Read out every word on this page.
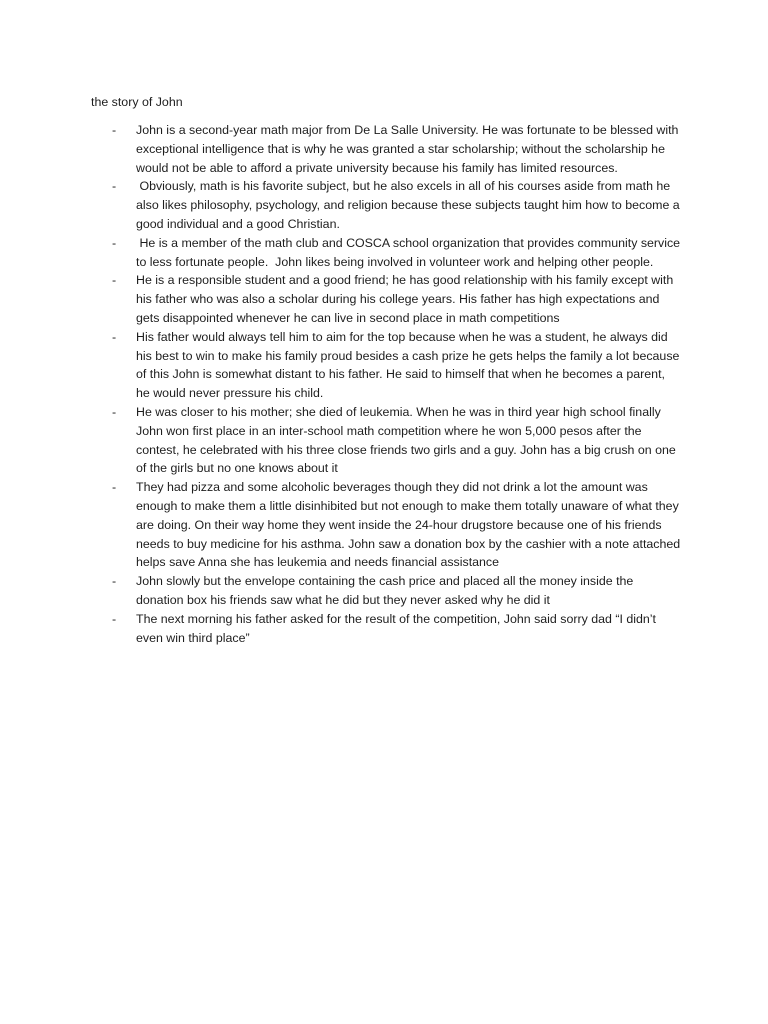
the story of John

-	John is a second-year math major from De La Salle University. He was fortunate to be blessed with exceptional intelligence that is why he was granted a star scholarship; without the scholarship he would not be able to afford a private university because his family has limited resources.
-	Obviously, math is his favorite subject, but he also excels in all of his courses aside from math he also likes philosophy, psychology, and religion because these subjects taught him how to become a good individual and a good Christian.
-	He is a member of the math club and COSCA school organization that provides community service to less fortunate people.  John likes being involved in volunteer work and helping other people.
-	He is a responsible student and a good friend; he has good relationship with his family except with his father who was also a scholar during his college years. His father has high expectations and gets disappointed whenever he can live in second place in math competitions
-	His father would always tell him to aim for the top because when he was a student, he always did his best to win to make his family proud besides a cash prize he gets helps the family a lot because of this John is somewhat distant to his father. He said to himself that when he becomes a parent, he would never pressure his child.
-	He was closer to his mother; she died of leukemia. When he was in third year high school finally John won first place in an inter-school math competition where he won 5,000 pesos after the contest, he celebrated with his three close friends two girls and a guy. John has a big crush on one of the girls but no one knows about it
-	They had pizza and some alcoholic beverages though they did not drink a lot the amount was enough to make them a little disinhibited but not enough to make them totally unaware of what they are doing. On their way home they went inside the 24-hour drugstore because one of his friends needs to buy medicine for his asthma. John saw a donation box by the cashier with a note attached helps save Anna she has leukemia and needs financial assistance
-	John slowly but the envelope containing the cash price and placed all the money inside the donation box his friends saw what he did but they never asked why he did it
-	The next morning his father asked for the result of the competition, John said sorry dad “I didn’t even win third place”
